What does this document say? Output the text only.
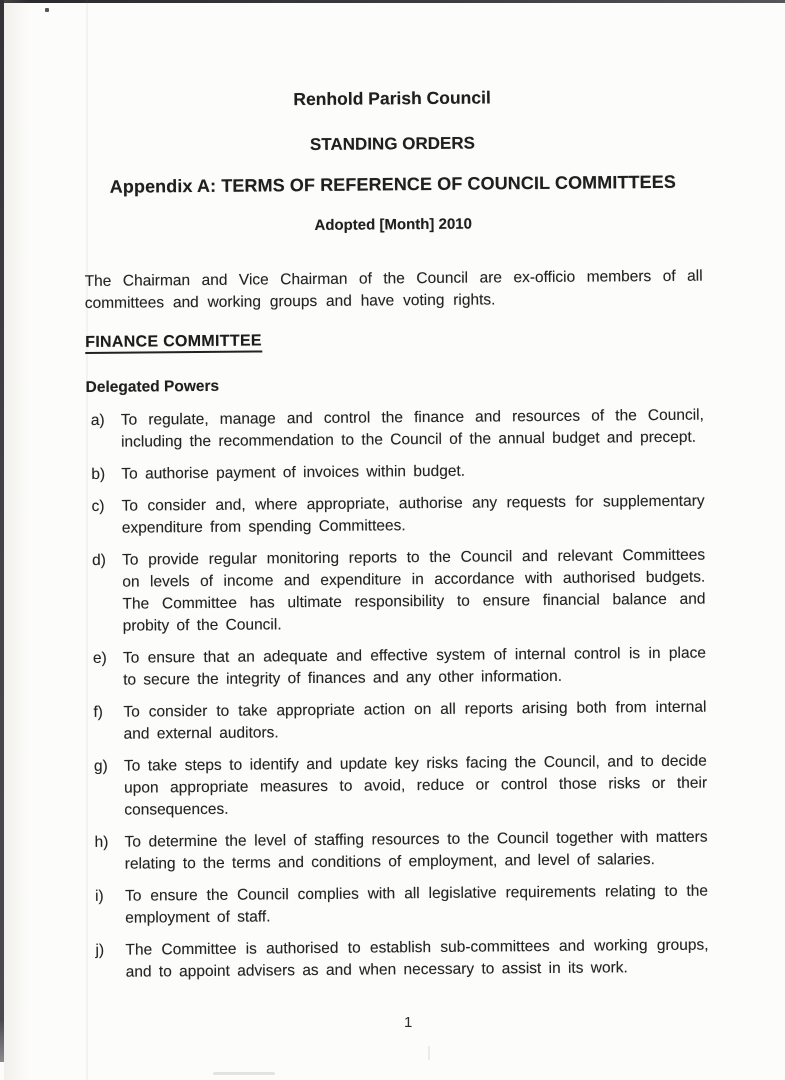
Renhold Parish Council
STANDING ORDERS
Appendix A: TERMS OF REFERENCE OF COUNCIL COMMITTEES
Adopted [Month] 2010

The Chairman and Vice Chairman of the Council are ex-officio members of all committees and working groups and have voting rights.

FINANCE COMMITTEE
Delegated Powers
a)	To regulate, manage and control the finance and resources of the Council, including the recommendation to the Council of the annual budget and precept.
b)	To authorise payment of invoices within budget.
c)	To consider and, where appropriate, authorise any requests for supplementary expenditure from spending Committees.
d)	To provide regular monitoring reports to the Council and relevant Committees on levels of income and expenditure in accordance with authorised budgets. The Committee has ultimate responsibility to ensure financial balance and probity of the Council.
e)	To ensure that an adequate and effective system of internal control is in place to secure the integrity of finances and any other information.
f)	To consider to take appropriate action on all reports arising both from internal and external auditors.
g)	To take steps to identify and update key risks facing the Council, and to decide upon appropriate measures to avoid, reduce or control those risks or their consequences.
h)	To determine the level of staffing resources to the Council together with matters relating to the terms and conditions of employment, and level of salaries.
i)	To ensure the Council complies with all legislative requirements relating to the employment of staff.
j)	The Committee is authorised to establish sub-committees and working groups, and to appoint advisers as and when necessary to assist in its work.
1
